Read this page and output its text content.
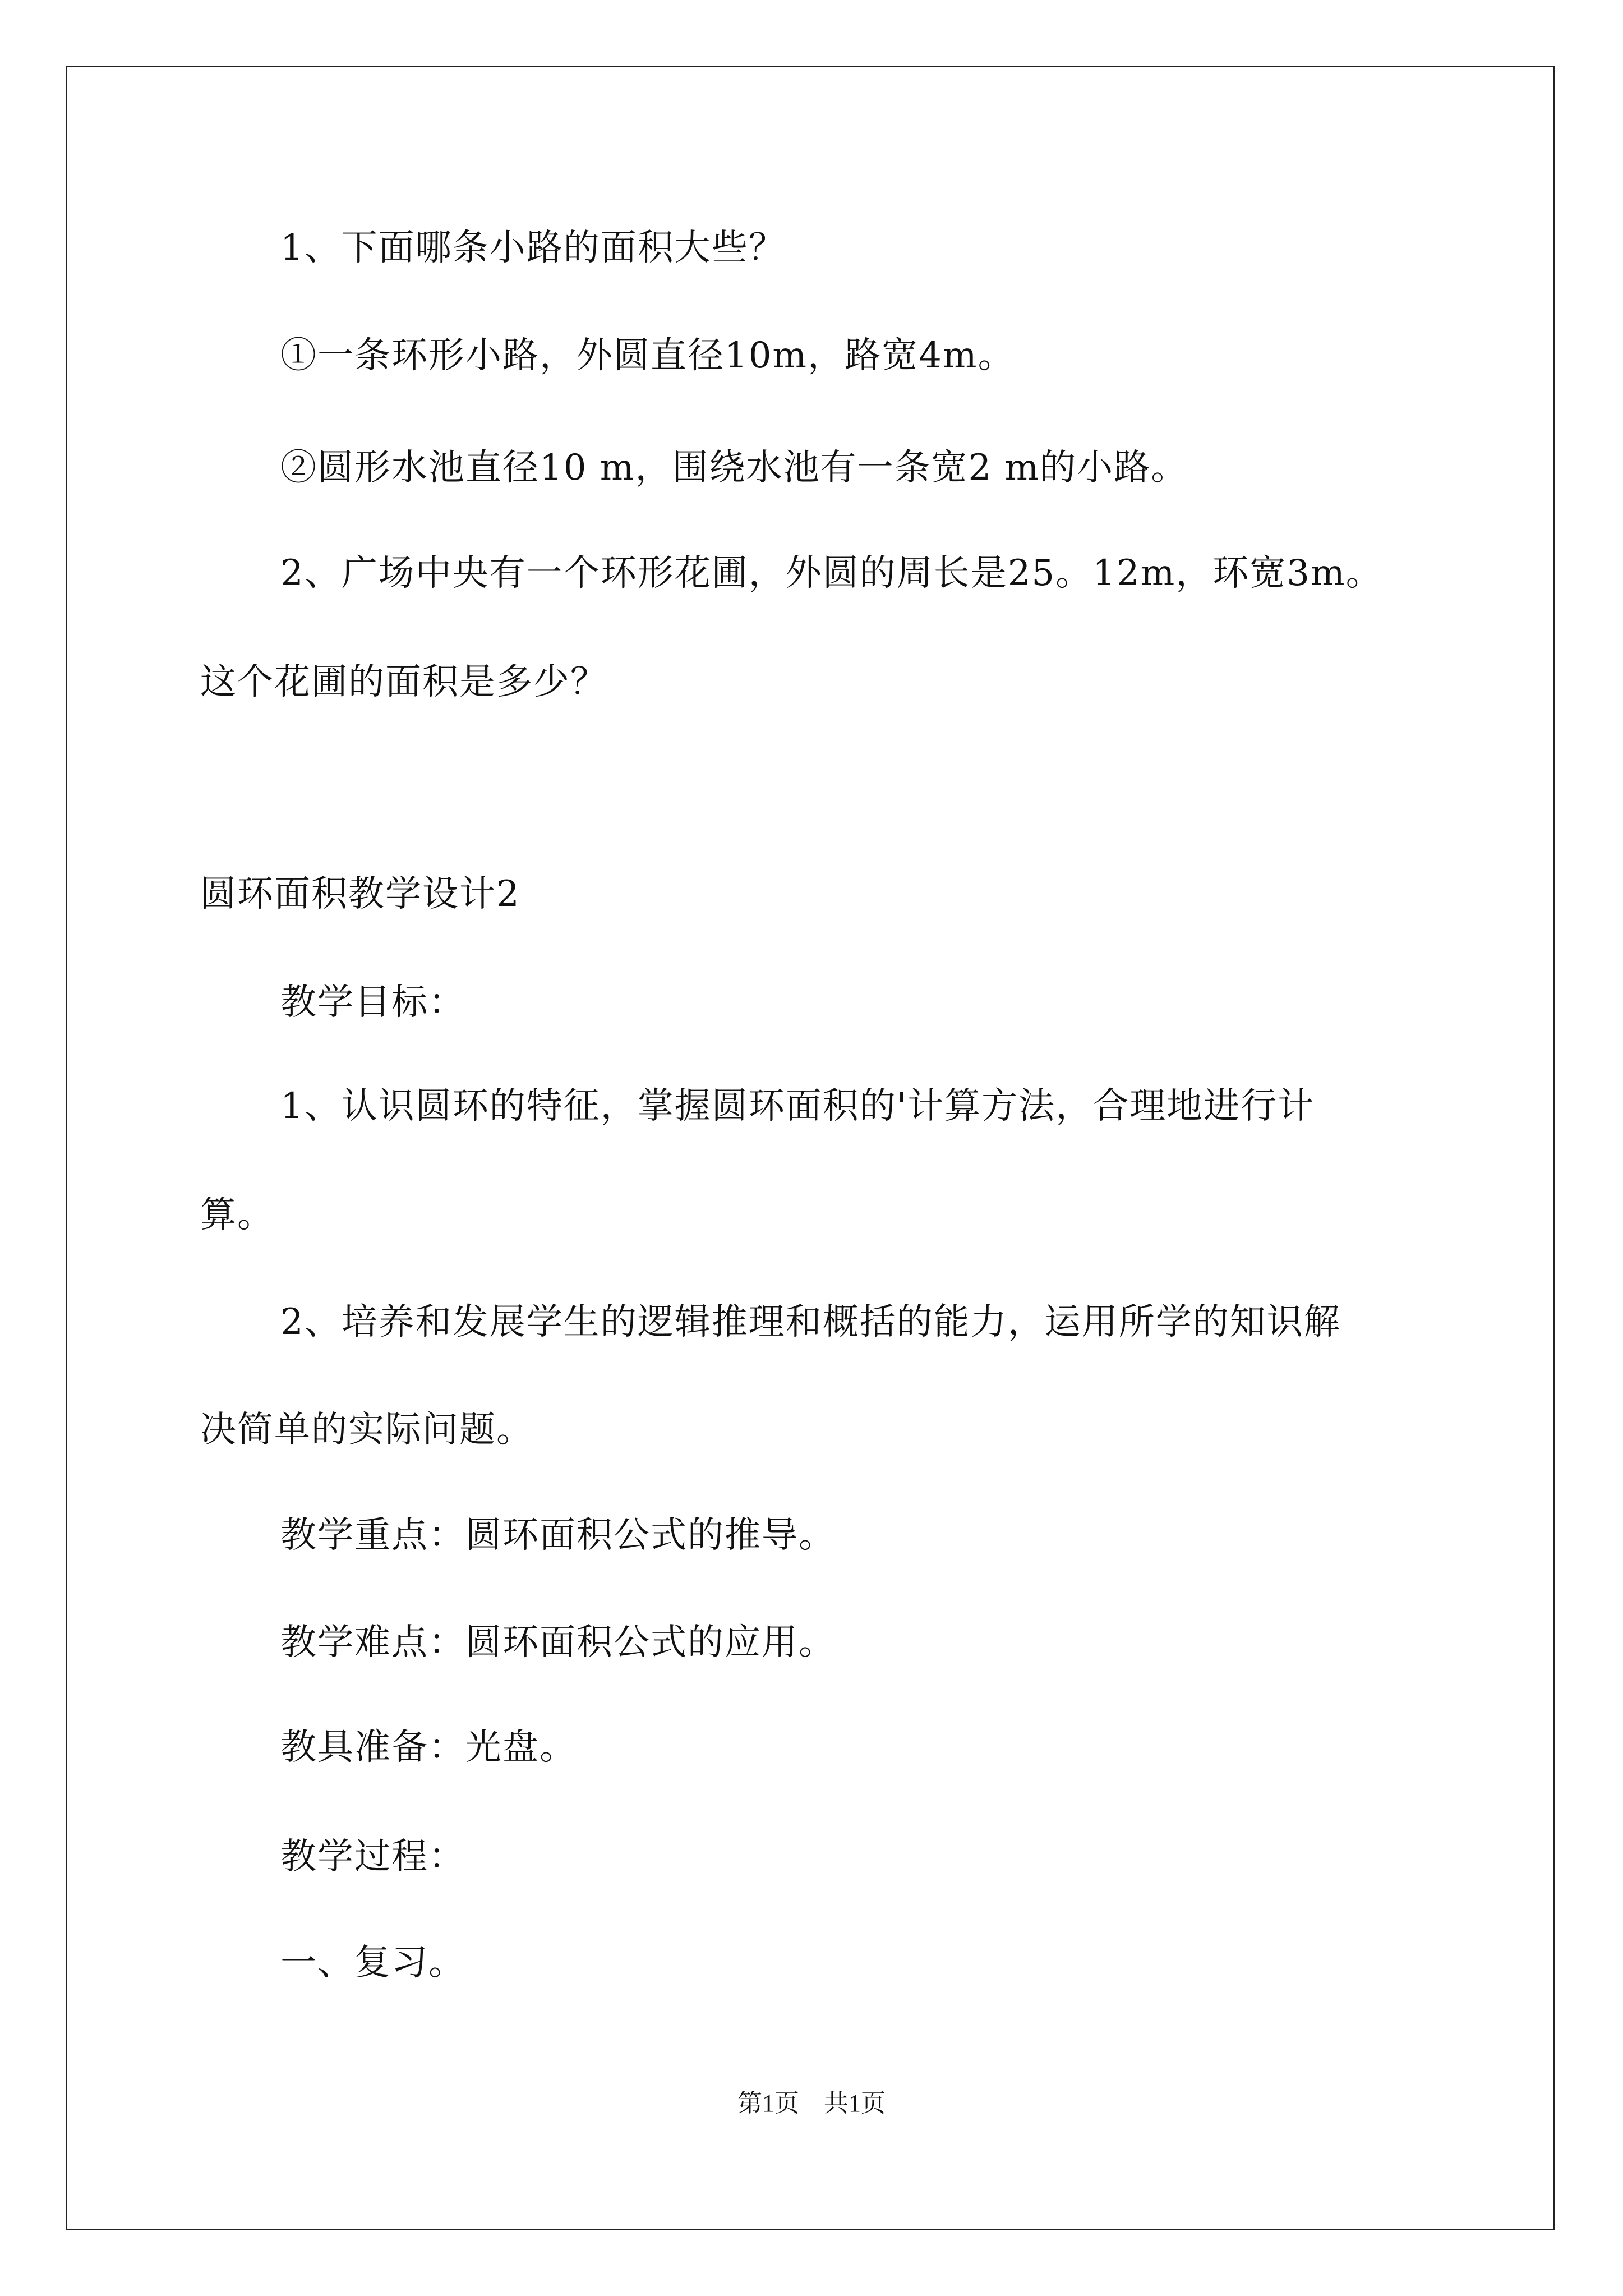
1、下面哪条小路的面积大些？
①一条环形小路，外圆直径10m，路宽4m。
②圆形水池直径10 m，围绕水池有一条宽2 m的小路。
2、广场中央有一个环形花圃，外圆的周长是25。12m，环宽3m。
这个花圃的面积是多少？
圆环面积教学设计2
教学目标：
1、认识圆环的特征，掌握圆环面积的'计算方法，合理地进行计
算。
2、培养和发展学生的逻辑推理和概括的能力，运用所学的知识解
决简单的实际问题。
教学重点：圆环面积公式的推导。
教学难点：圆环面积公式的应用。
教具准备：光盘。
教学过程：
一、复习。
第1页　共1页
